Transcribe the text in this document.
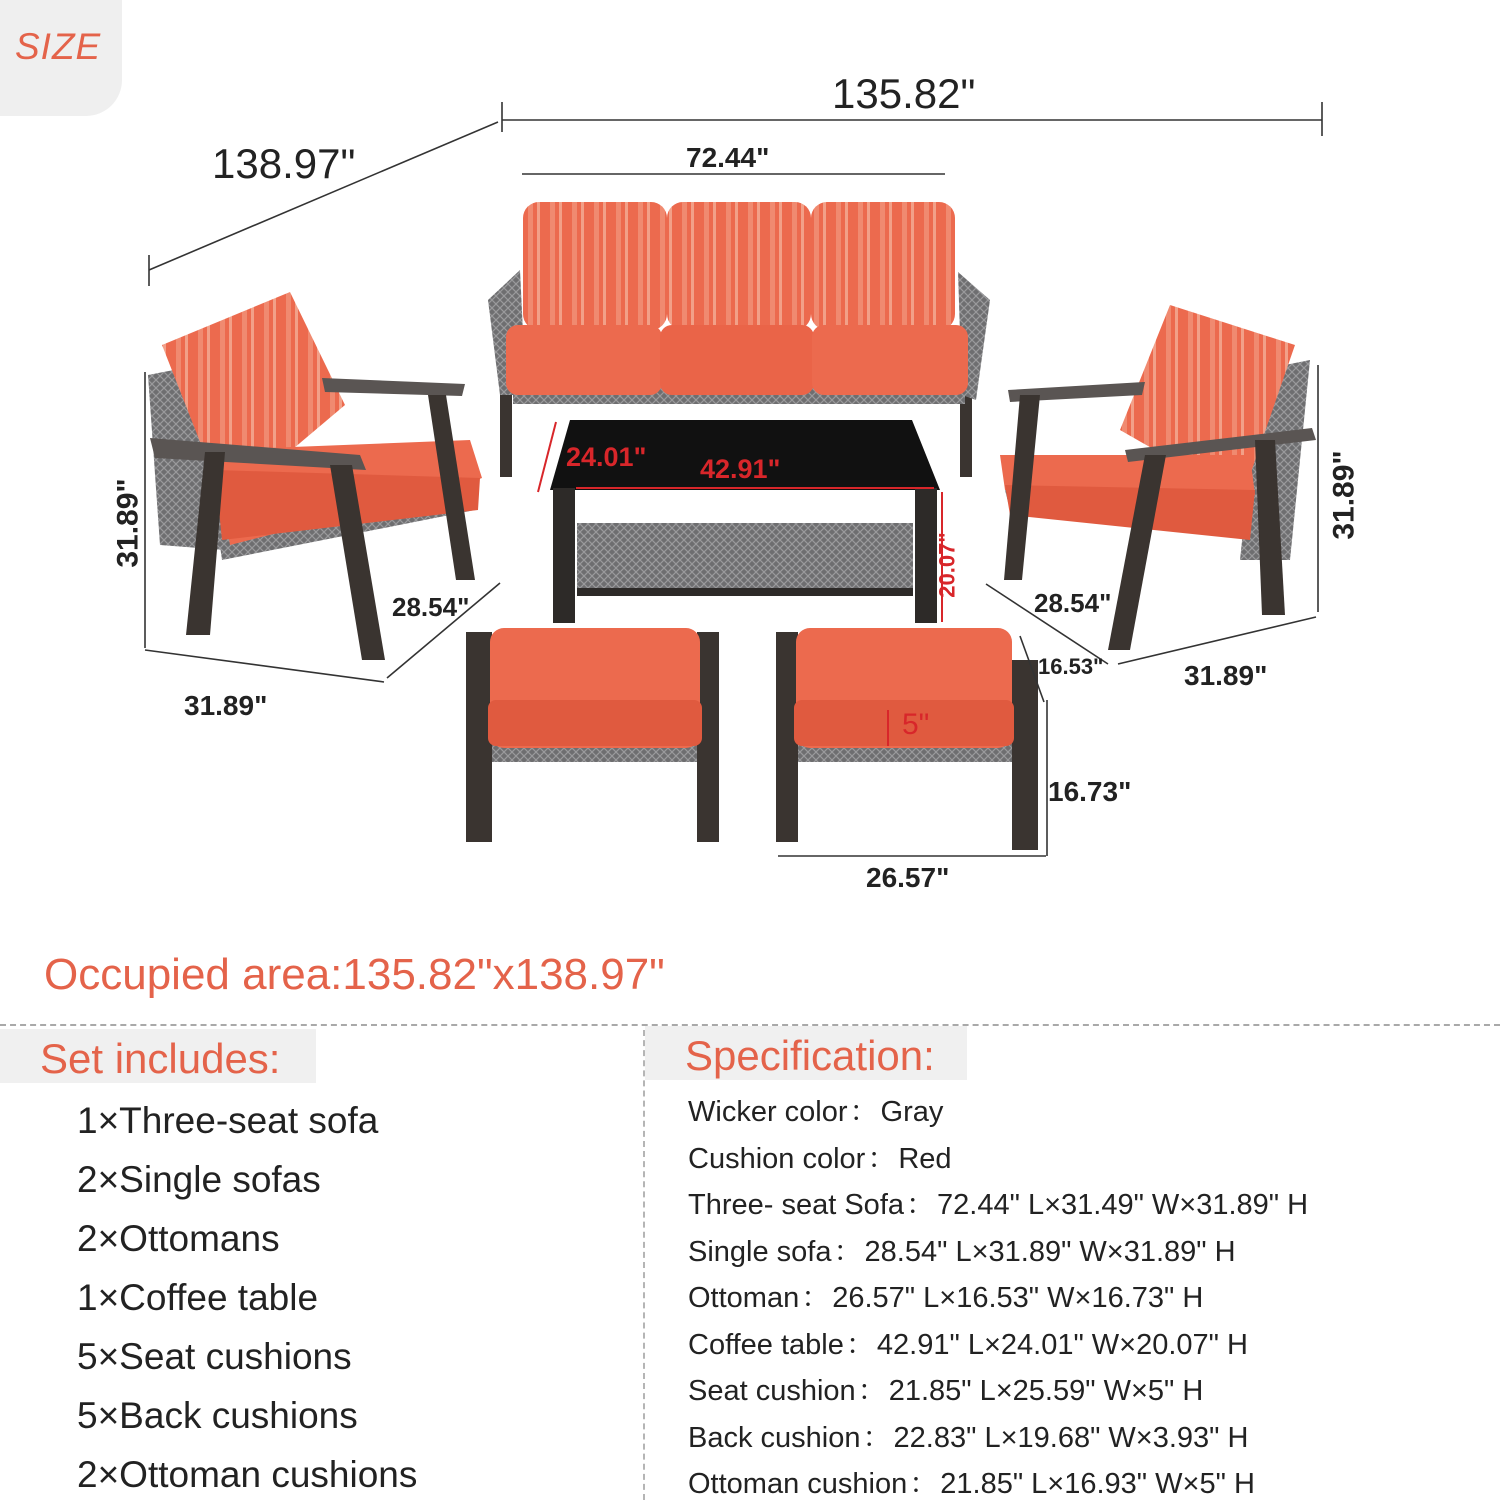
SIZE
135.82"
138.97"	72.44"
24.01" 42.91"
20.07"
31.89"
28.54"
31.89"
28.54"
31.89"
31.89"
16.53"
5"
16.73"
26.57"
Occupied area:135.82"x138.97"
Set includes:
1×Three-seat sofa
2×Single sofas
2×Ottomans
1×Coffee table
5×Seat cushions
5×Back cushions
2×Ottoman cushions
Specification:
Wicker color：Gray
Cushion color：Red
Three- seat Sofa：72.44" L×31.49" W×31.89" H
Single sofa：28.54" L×31.89" W×31.89" H
Ottoman：26.57" L×16.53" W×16.73" H
Coffee table：42.91" L×24.01" W×20.07" H
Seat cushion：21.85" L×25.59" W×5" H
Back cushion：22.83" L×19.68" W×3.93" H
Ottoman cushion：21.85" L×16.93" W×5" H
